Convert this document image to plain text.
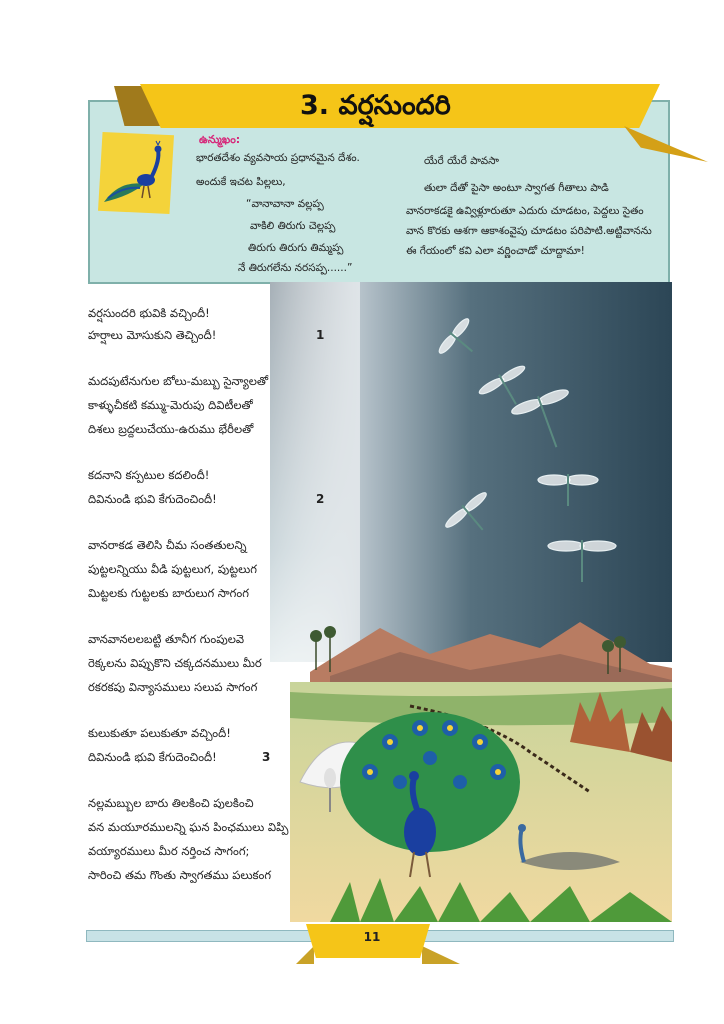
3. వర్షసుందరి
ఉన్ముఖం:
భారతదేశం వ్యవసాయ ప్రధానమైన దేశం.
అందుకే ఇచట పిల్లలు,
“వానావానా వల్లప్ప
వాకిలి తిరుగు చెల్లప్ప
తిరుగు తిరుగు తిమ్మప్ప
నే తిరుగలేను నరసప్ప......”
యేరే యేరే పావసా
తులా దేతో పైసా అంటూ స్వాగత గీతాలు పాడి
వానరాకడకై ఉవ్విళ్లూరుతూ ఎదురు చూడటం, పెద్దలు సైతం
వాన కొరకు ఆశగా ఆకాశంవైపు చూడటం పరిపాటి.అట్టివానను
ఈ గేయంలో కవి ఎలా వర్ణించాడో చూద్దామా!
వర్షసుందరి భువికి వచ్చిందీ!
హర్షాలు మోసుకుని తెచ్చిందీ!	1
మదపుటేనుగుల బోలు-మబ్బు సైన్యాలతో
కాళ్ళుచీకటి కమ్ము-మెరుపు దివిటీలతో
దిశలు బ్రద్దలుచేయు-ఉరుము భేరీలతో
కదనాని కస్పటుల కదలిందీ!
దివినుండి భువి కేగుదెంచిందీ!	2
వానరాకడ తెలిసి చీమ సంతతులన్ని
పుట్టలన్నియు వీడి పుట్టలుగ, పుట్టలుగ
మిట్టలకు గుట్టలకు బారులుగ సాగంగ
వానవానలలబట్టి తూనీగ గుంపులవె
రెక్కలను విప్పుకొని చక్కదనములు మీర
రకరకపు విన్యాసములు సలుప సాగంగ
కులుకుతూ పలుకుతూ వచ్చిందీ!
దివినుండి భువి కేగుదెంచిందీ!	3
నల్లమబ్బుల బారు తిలకించి పులకించి
వన మయూరములన్ని ఘన పింఛములు విప్పి
వయ్యారములు మీర నర్తించ సాగంగ;
సారించి తమ గొంతు స్వాగతము పలుకంగ
11
